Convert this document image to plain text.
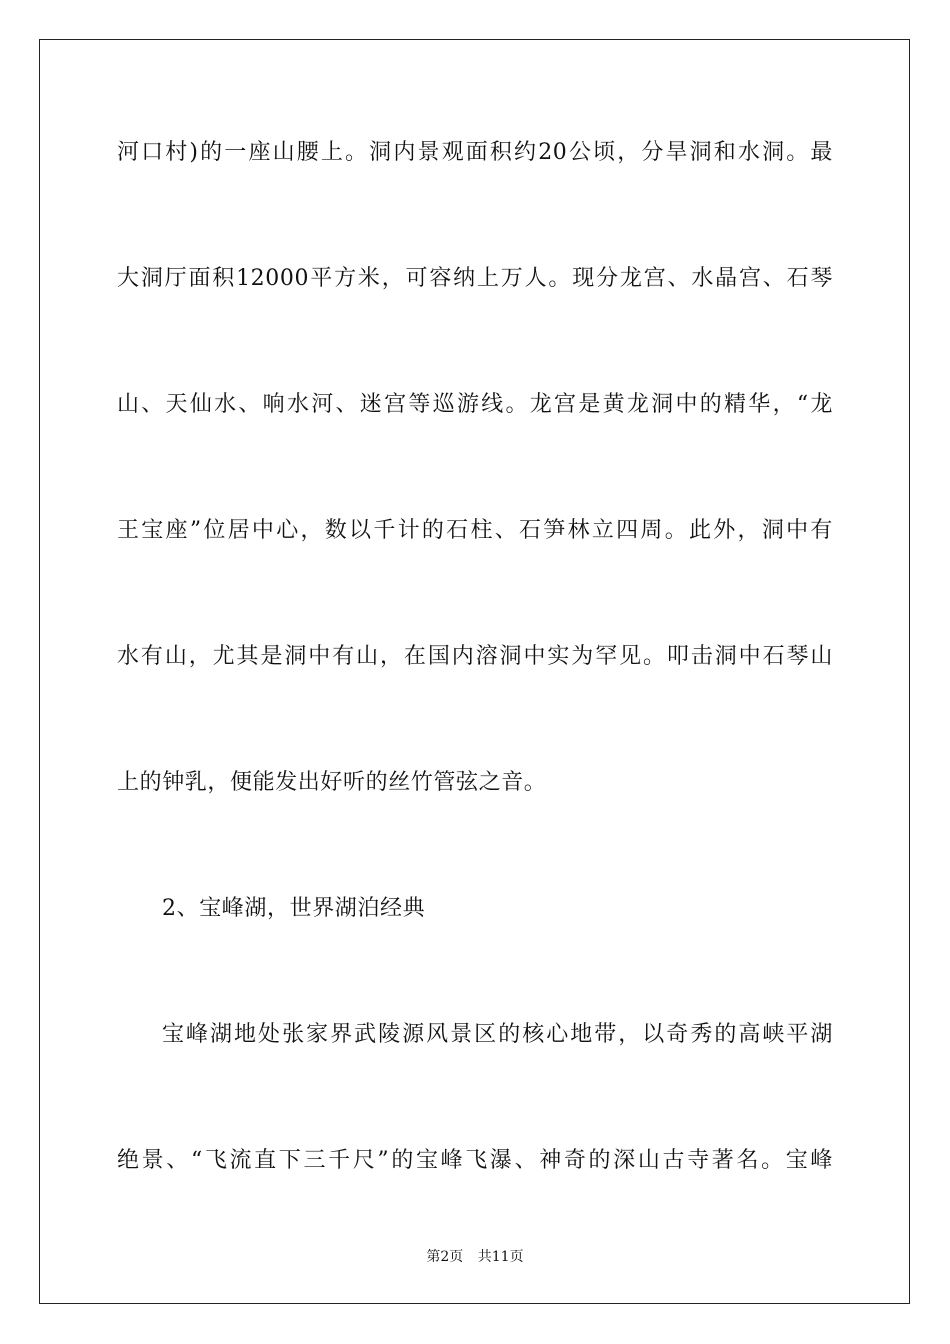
河口村)的一座山腰上。洞内景观面积约20公顷，分旱洞和水洞。最
大洞厅面积12000平方米，可容纳上万人。现分龙宫、水晶宫、石琴
山、天仙水、响水河、迷宫等巡游线。龙宫是黄龙洞中的精华，“龙
王宝座”位居中心，数以千计的石柱、石笋林立四周。此外，洞中有
水有山，尤其是洞中有山，在国内溶洞中实为罕见。叩击洞中石琴山
上的钟乳，便能发出好听的丝竹管弦之音。
2、宝峰湖，世界湖泊经典
宝峰湖地处张家界武陵源风景区的核心地带，以奇秀的高峡平湖
绝景、“飞流直下三千尺”的宝峰飞瀑、神奇的深山古寺著名。宝峰
第2页 共11页
